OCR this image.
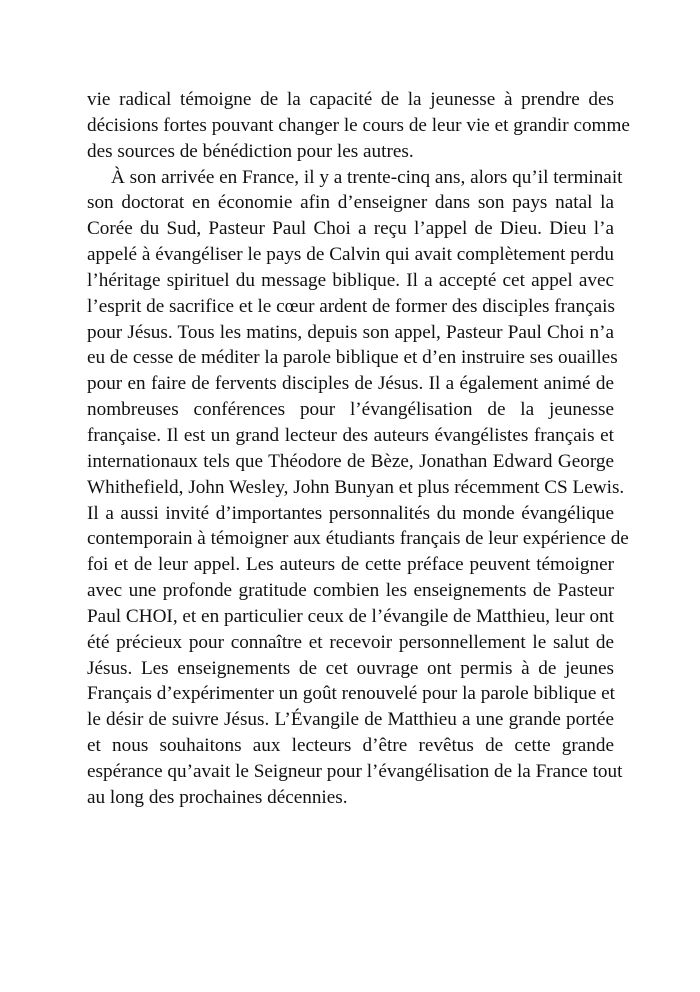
vie radical témoigne de la capacité de la jeunesse à prendre des
décisions fortes pouvant changer le cours de leur vie et grandir comme
des sources de bénédiction pour les autres.
À son arrivée en France, il y a trente-cinq ans, alors qu’il terminait
son doctorat en économie afin d’enseigner dans son pays natal la
Corée du Sud, Pasteur Paul Choi a reçu l’appel de Dieu. Dieu l’a
appelé à évangéliser le pays de Calvin qui avait complètement perdu
l’héritage spirituel du message biblique. Il a accepté cet appel avec
l’esprit de sacrifice et le cœur ardent de former des disciples français
pour Jésus. Tous les matins, depuis son appel, Pasteur Paul Choi n’a
eu de cesse de méditer la parole biblique et d’en instruire ses ouailles
pour en faire de fervents disciples de Jésus. Il a également animé de
nombreuses conférences pour l’évangélisation de la jeunesse
française. Il est un grand lecteur des auteurs évangélistes français et
internationaux tels que Théodore de Bèze, Jonathan Edward George
Whithefield, John Wesley, John Bunyan et plus récemment CS Lewis.
Il a aussi invité d’importantes personnalités du monde évangélique
contemporain à témoigner aux étudiants français de leur expérience de
foi et de leur appel. Les auteurs de cette préface peuvent témoigner
avec une profonde gratitude combien les enseignements de Pasteur
Paul CHOI, et en particulier ceux de l’évangile de Matthieu, leur ont
été précieux pour connaître et recevoir personnellement le salut de
Jésus. Les enseignements de cet ouvrage ont permis à de jeunes
Français d’expérimenter un goût renouvelé pour la parole biblique et
le désir de suivre Jésus. L’Évangile de Matthieu a une grande portée
et nous souhaitons aux lecteurs d’être revêtus de cette grande
espérance qu’avait le Seigneur pour l’évangélisation de la France tout
au long des prochaines décennies.
